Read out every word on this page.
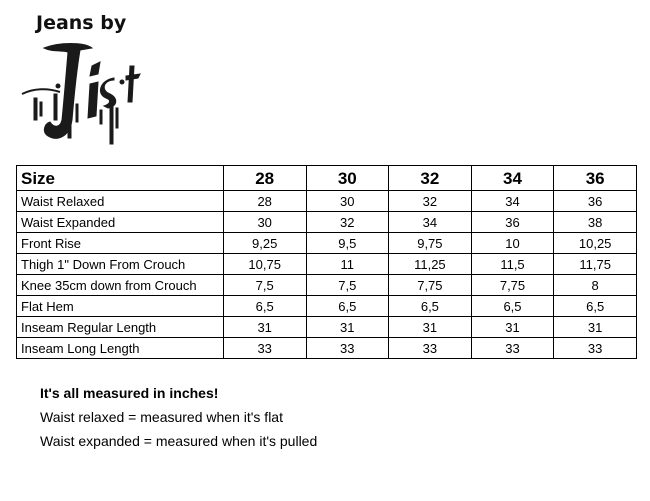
Jeans by
Size	28	30	32	34	36
Waist Relaxed	28	30	32	34	36
Waist Expanded	30	32	34	36	38
Front Rise	9,25	9,5	9,75	10	10,25
Thigh 1" Down From Crouch	10,75	11	11,25	11,5	11,75
Knee 35cm down from Crouch	7,5	7,5	7,75	7,75	8
Flat Hem	6,5	6,5	6,5	6,5	6,5
Inseam Regular Length	31	31	31	31	31
Inseam Long Length	33	33	33	33	33
It's all measured in inches!
Waist relaxed = measured when it's flat
Waist expanded = measured when it's pulled
